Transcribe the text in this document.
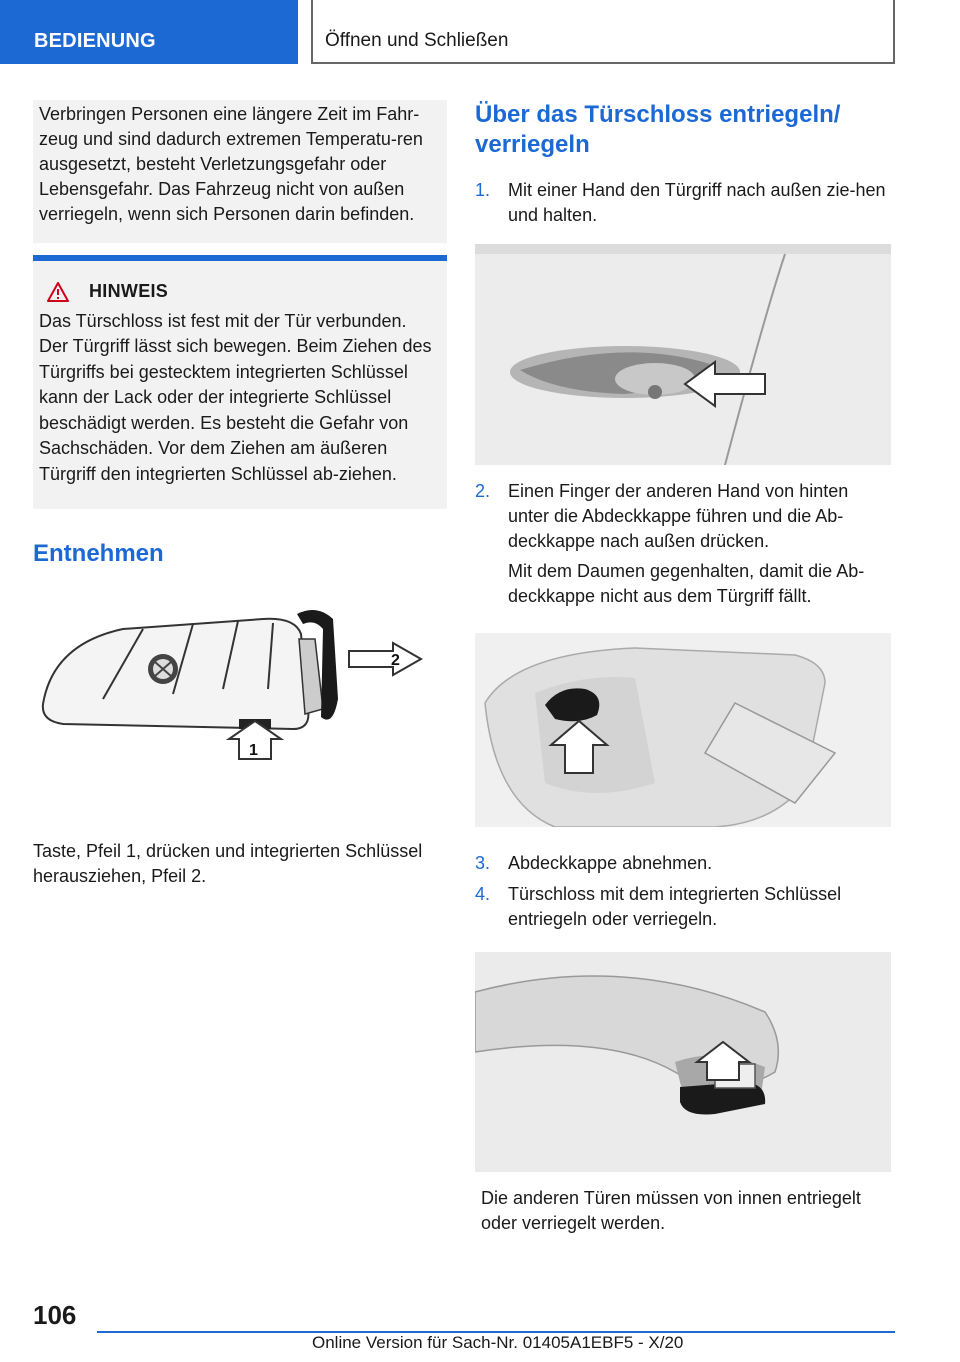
BEDIENUNG	Öffnen und Schließen

Verbringen Personen eine längere Zeit im Fahr-zeug und sind dadurch extremen Temperatu-ren ausgesetzt, besteht Verletzungsgefahr oder Lebensgefahr. Das Fahrzeug nicht von außen verriegeln, wenn sich Personen darin befinden.

HINWEIS

Das Türschloss ist fest mit der Tür verbunden. Der Türgriff lässt sich bewegen. Beim Ziehen des Türgriffs bei gestecktem integrierten Schlüssel kann der Lack oder der integrierte Schlüssel beschädigt werden. Es besteht die Gefahr von Sachschäden. Vor dem Ziehen am äußeren Türgriff den integrierten Schlüssel ab-ziehen.

Entnehmen
2
1

Taste, Pfeil 1, drücken und integrierten Schlüssel herausziehen, Pfeil 2.

Über das Türschloss entriegeln/ verriegeln
1. Mit einer Hand den Türgriff nach außen zie-hen und halten.
2. Einen Finger der anderen Hand von hinten unter die Abdeckkappe führen und die Ab-deckkappe nach außen drücken.

Mit dem Daumen gegenhalten, damit die Ab-deckkappe nicht aus dem Türgriff fällt.

3. Abdeckkappe abnehmen.
4. Türschloss mit dem integrierten Schlüssel entriegeln oder verriegeln.

Die anderen Türen müssen von innen entriegelt oder verriegelt werden.

106
Online Version für Sach-Nr. 01405A1EBF5 - X/20
